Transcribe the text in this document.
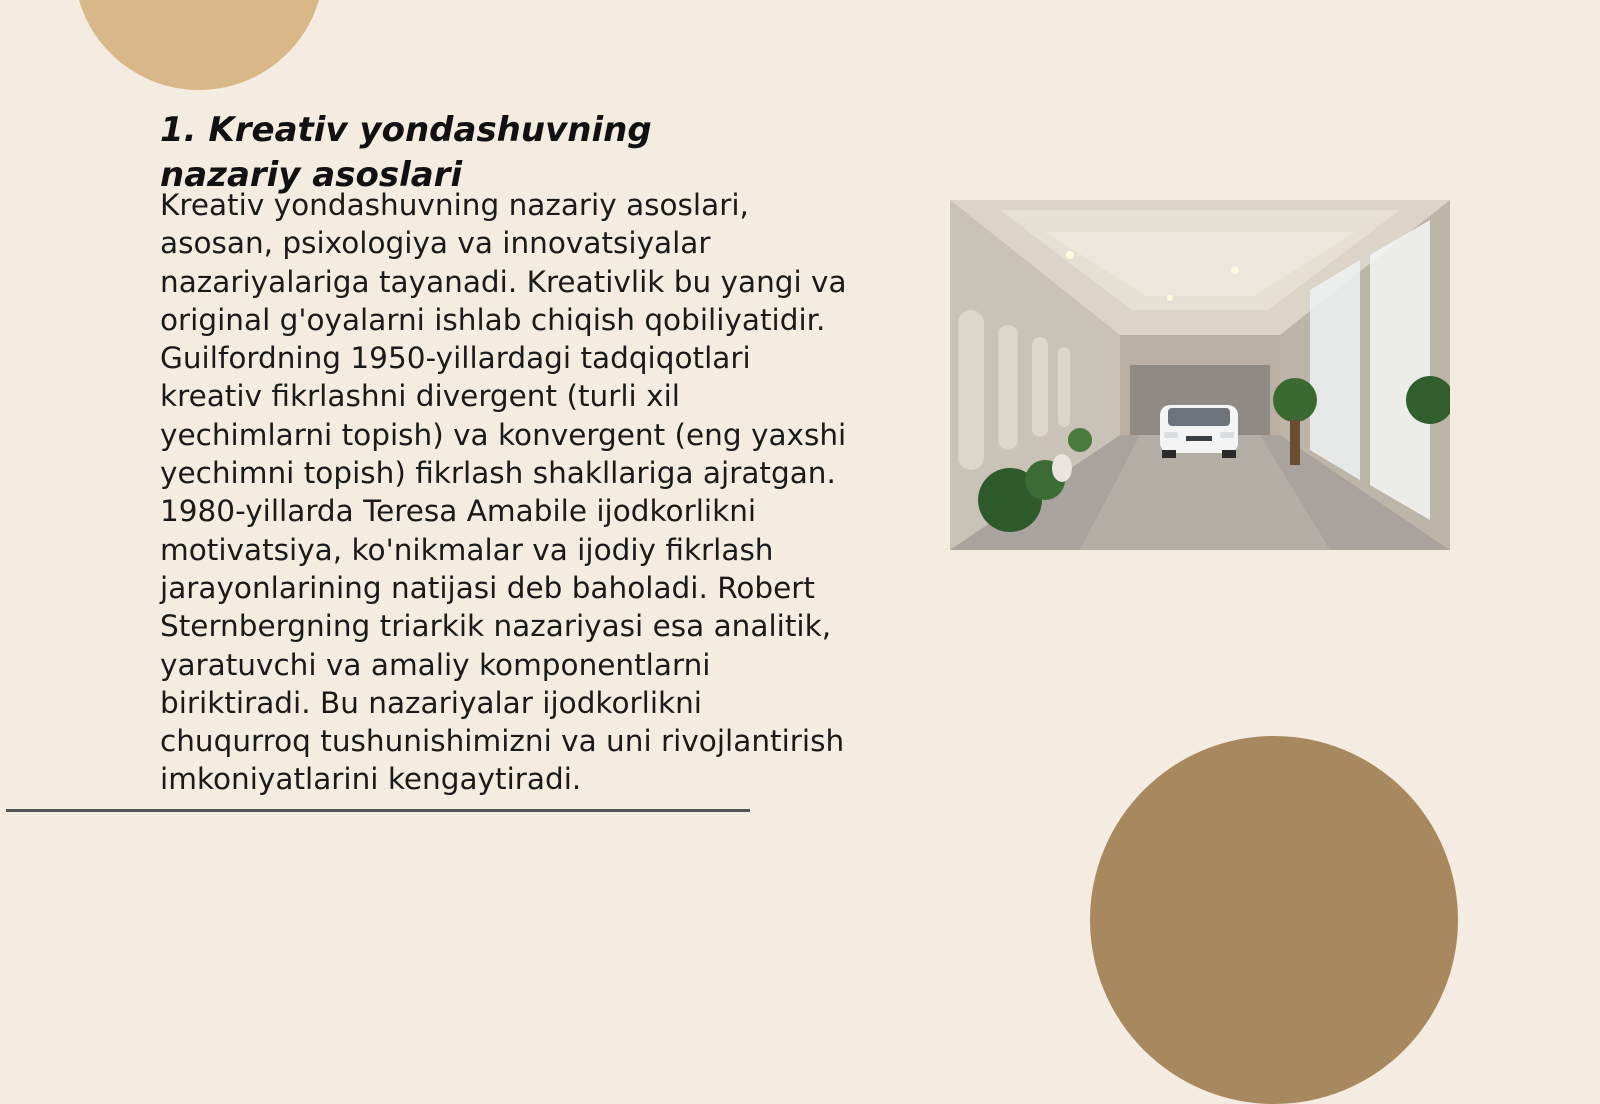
1. Kreativ yondashuvning nazariy asoslari

Kreativ yondashuvning nazariy asoslari, asosan, psixologiya va innovatsiyalar nazariyalariga tayanadi. Kreativlik bu yangi va original g'oyalarni ishlab chiqish qobiliyatidir. Guilfordning 1950-yillardagi tadqiqotlari kreativ fikrlashni divergent (turli xil yechimlarni topish) va konvergent (eng yaxshi yechimni topish) fikrlash shakllariga ajratgan. 1980-yillarda Teresa Amabile ijodkorlikni motivatsiya, ko'nikmalar va ijodiy fikrlash jarayonlarining natijasi deb baholadi. Robert Sternbergning triarkik nazariyasi esa analitik, yaratuvchi va amaliy komponentlarni biriktiradi. Bu nazariyalar ijodkorlikni chuqurroq tushunishimizni va uni rivojlantirish imkoniyatlarini kengaytiradi.
